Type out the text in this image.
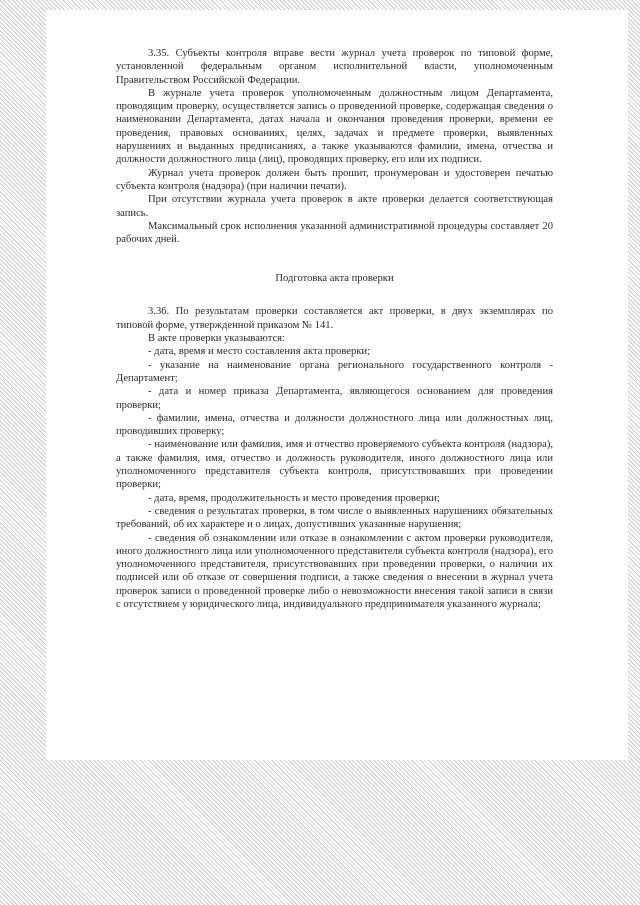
3.35. Субъекты контроля вправе вести журнал учета проверок по типовой форме, установленной федеральным органом исполнительной власти, уполномоченным Правительством Российской Федерации.

В журнале учета проверок уполномоченным должностным лицом Департамента, проводящим проверку, осуществляется запись о проведенной проверке, содержащая сведения о наименовании Департамента, датах начала и окончания проведения проверки, времени ее проведения, правовых основаниях, целях, задачах и предмете проверки, выявленных нарушениях и выданных предписаниях, а также указываются фамилии, имена, отчества и должности должностного лица (лиц), проводящих проверку, его или их подписи.

Журнал учета проверок должен быть прошит, пронумерован и удостоверен печатью субъекта контроля (надзора) (при наличии печати).

При отсутствии журнала учета проверок в акте проверки делается соответствующая запись.

Максимальный срок исполнения указанной административной процедуры составляет 20 рабочих дней.

Подготовка акта проверки

3.36. По результатам проверки составляется акт проверки, в двух экземплярах по типовой форме, утвержденной приказом № 141.

В акте проверки указываются:

- дата, время и место составления акта проверки;

- указание на наименование органа регионального государственного контроля - Департамент;

- дата и номер приказа Департамента, являющегося основанием для проведения проверки;

- фамилии, имена, отчества и должности должностного лица или должностных лиц, проводивших проверку;

- наименование или фамилия, имя и отчество проверяемого субъекта контроля (надзора), а также фамилия, имя, отчество и должность руководителя, иного должностного лица или уполномоченного представителя субъекта контроля, присутствовавших при проведении проверки;

- дата, время, продолжительность и место проведения проверки;

- сведения о результатах проверки, в том числе о выявленных нарушениях обязательных требований, об их характере и о лицах, допустивших указанные нарушения;

- сведения об ознакомлении или отказе в ознакомлении с актом проверки руководителя, иного должностного лица или уполномоченного представителя субъекта контроля (надзора), его уполномоченного представителя, присутствовавших при проведении проверки, о наличии их подписей или об отказе от совершения подписи, а также сведения о внесении в журнал учета проверок записи о проведенной проверке либо о невозможности внесения такой записи в связи с отсутствием у юридического лица, индивидуального предпринимателя указанного журнала;
